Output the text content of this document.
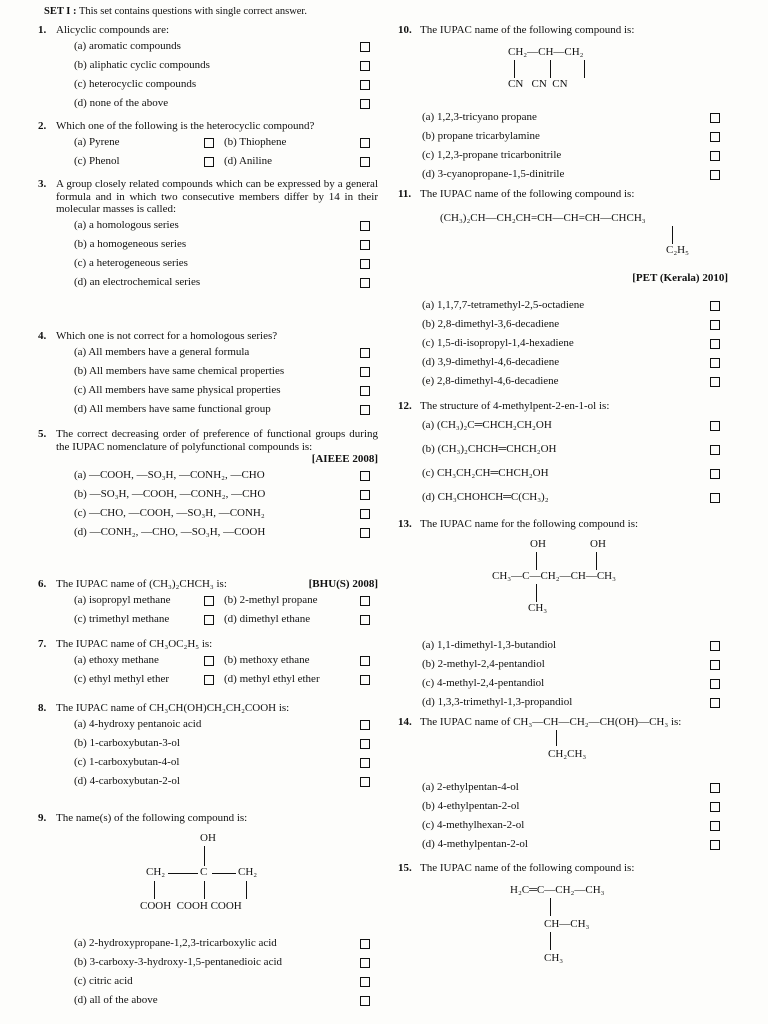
SET I : This set contains questions with single correct answer.
1. Alicyclic compounds are:
(a) aromatic compounds
(b) aliphatic cyclic compounds
(c) heterocyclic compounds
(d) none of the above
2. Which one of the following is the heterocyclic compound?
(a) Pyrene	(b) Thiophene
(c) Phenol	(d) Aniline
3. A group closely related compounds which can be expressed by a general formula and in which two consecutive members differ by 14 in their molecular masses is called:
(a) a homologous series
(b) a homogeneous series
(c) a heterogeneous series
(d) an electrochemical series
4. Which one is not correct for a homologous series?
(a) All members have a general formula
(b) All members have same chemical properties
(c) All members have same physical properties
(d) All members have same functional group
5. The correct decreasing order of preference of functional groups during the IUPAC nomenclature of polyfunctional compounds is:
[AIEEE 2008]
(a) —COOH, —SO₃H, —CONH₂, —CHO
(b) —SO₃H, —COOH, —CONH₂, —CHO
(c) —CHO, —COOH, —SO₃H, —CONH₂
(d) —CONH₂, —CHO, —SO₃H, —COOH
6. The IUPAC name of (CH₃)₂CHCH₃ is:	[BHU(S) 2008]
(a) isopropyl methane	(b) 2-methyl propane
(c) trimethyl methane	(d) dimethyl ethane
7. The IUPAC name of CH₃OC₂H₅ is:
(a) ethoxy methane	(b) methoxy ethane
(c) ethyl methyl ether	(d) methyl ethyl ether
8. The IUPAC name of CH₃CH(OH)CH₂CH₂COOH is:
(a) 4-hydroxy pentanoic acid
(b) 1-carboxybutan-3-ol
(c) 1-carboxybutan-4-ol
(d) 4-carboxybutan-2-ol
9. The name(s) of the following compound is:
OH
CH₂	C	CH₂
COOH  COOH COOH
(a) 2-hydroxypropane-1,2,3-tricarboxylic acid
(b) 3-carboxy-3-hydroxy-1,5-pentanedioic acid
(c) citric acid
(d) all of the above
10. The IUPAC name of the following compound is:
CH₂—CH—CH₂
CN   CN  CN
(a) 1,2,3-tricyano propane
(b) propane tricarbylamine
(c) 1,2,3-propane tricarbonitrile
(d) 3-cyanopropane-1,5-dinitrile
11. The IUPAC name of the following compound is:
(CH₃)₂CH—CH₂CH=CH—CH=CH—CHCH₃
C₂H₅
[PET (Kerala) 2010]
(a) 1,1,7,7-tetramethyl-2,5-octadiene
(b) 2,8-dimethyl-3,6-decadiene
(c) 1,5-di-isopropyl-1,4-hexadiene
(d) 3,9-dimethyl-4,6-decadiene
(e) 2,8-dimethyl-4,6-decadiene
12. The structure of 4-methylpent-2-en-1-ol is:
(a) (CH₃)₂C═CHCH₂CH₂OH
(b) (CH₃)₂CHCH═CHCH₂OH
(c) CH₃CH₂CH═CHCH₂OH
(d) CH₃CHOHCH═C(CH₃)₂
13. The IUPAC name for the following compound is:
OH	OH
CH₃—C—CH₂—CH—CH₃
CH₃
(a) 1,1-dimethyl-1,3-butandiol
(b) 2-methyl-2,4-pentandiol
(c) 4-methyl-2,4-pentandiol
(d) 1,3,3-trimethyl-1,3-propandiol
14. The IUPAC name of CH₃—CH—CH₂—CH(OH)—CH₃ is:
CH₂CH₃
(a) 2-ethylpentan-4-ol
(b) 4-ethylpentan-2-ol
(c) 4-methylhexan-2-ol
(d) 4-methylpentan-2-ol
15. The IUPAC name of the following compound is:
H₂C═C—CH₂—CH₃
CH—CH₃
CH₃
